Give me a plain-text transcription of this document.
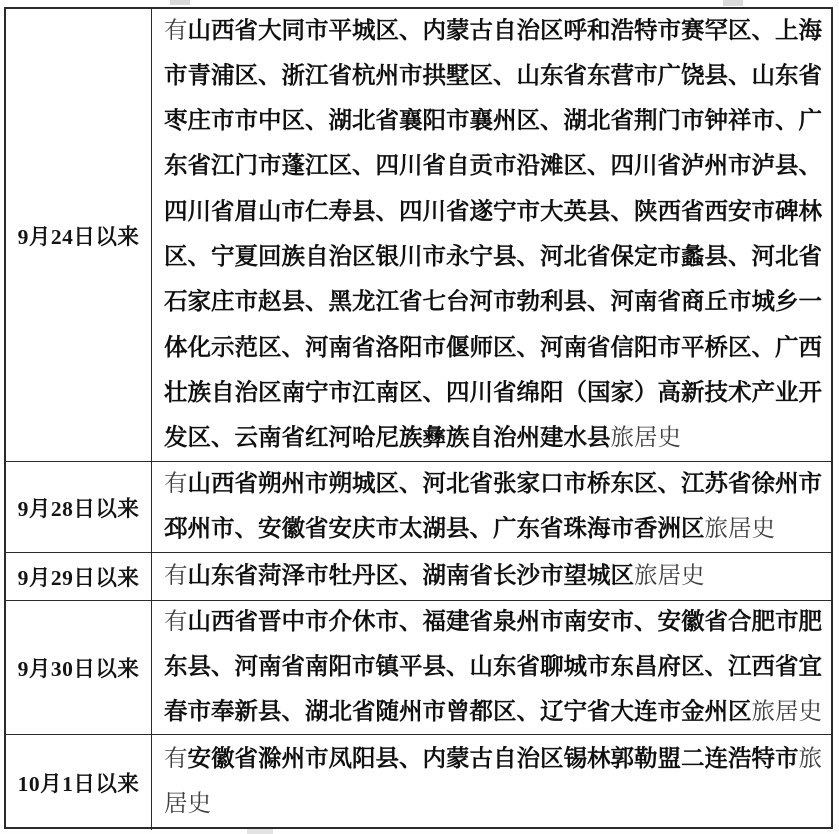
9月24日以来
有山西省大同市平城区、内蒙古自治区呼和浩特市赛罕区、上海市青浦区、浙江省杭州市拱墅区、山东省东营市广饶县、山东省枣庄市市中区、湖北省襄阳市襄州区、湖北省荆门市钟祥市、广东省江门市蓬江区、四川省自贡市沿滩区、四川省泸州市泸县、四川省眉山市仁寿县、四川省遂宁市大英县、陕西省西安市碑林区、宁夏回族自治区银川市永宁县、河北省保定市蠡县、河北省石家庄市赵县、黑龙江省七台河市勃利县、河南省商丘市城乡一体化示范区、河南省洛阳市偃师区、河南省信阳市平桥区、广西壮族自治区南宁市江南区、四川省绵阳（国家）高新技术产业开发区、云南省红河哈尼族彝族自治州建水县旅居史
9月28日以来
有山西省朔州市朔城区、河北省张家口市桥东区、江苏省徐州市邳州市、安徽省安庆市太湖县、广东省珠海市香洲区旅居史
9月29日以来	有山东省菏泽市牡丹区、湖南省长沙市望城区旅居史
9月30日以来
有山西省晋中市介休市、福建省泉州市南安市、安徽省合肥市肥东县、河南省南阳市镇平县、山东省聊城市东昌府区、江西省宜春市奉新县、湖北省随州市曾都区、辽宁省大连市金州区旅居史
10月1日以来
有安徽省滁州市凤阳县、内蒙古自治区锡林郭勒盟二连浩特市旅居史
